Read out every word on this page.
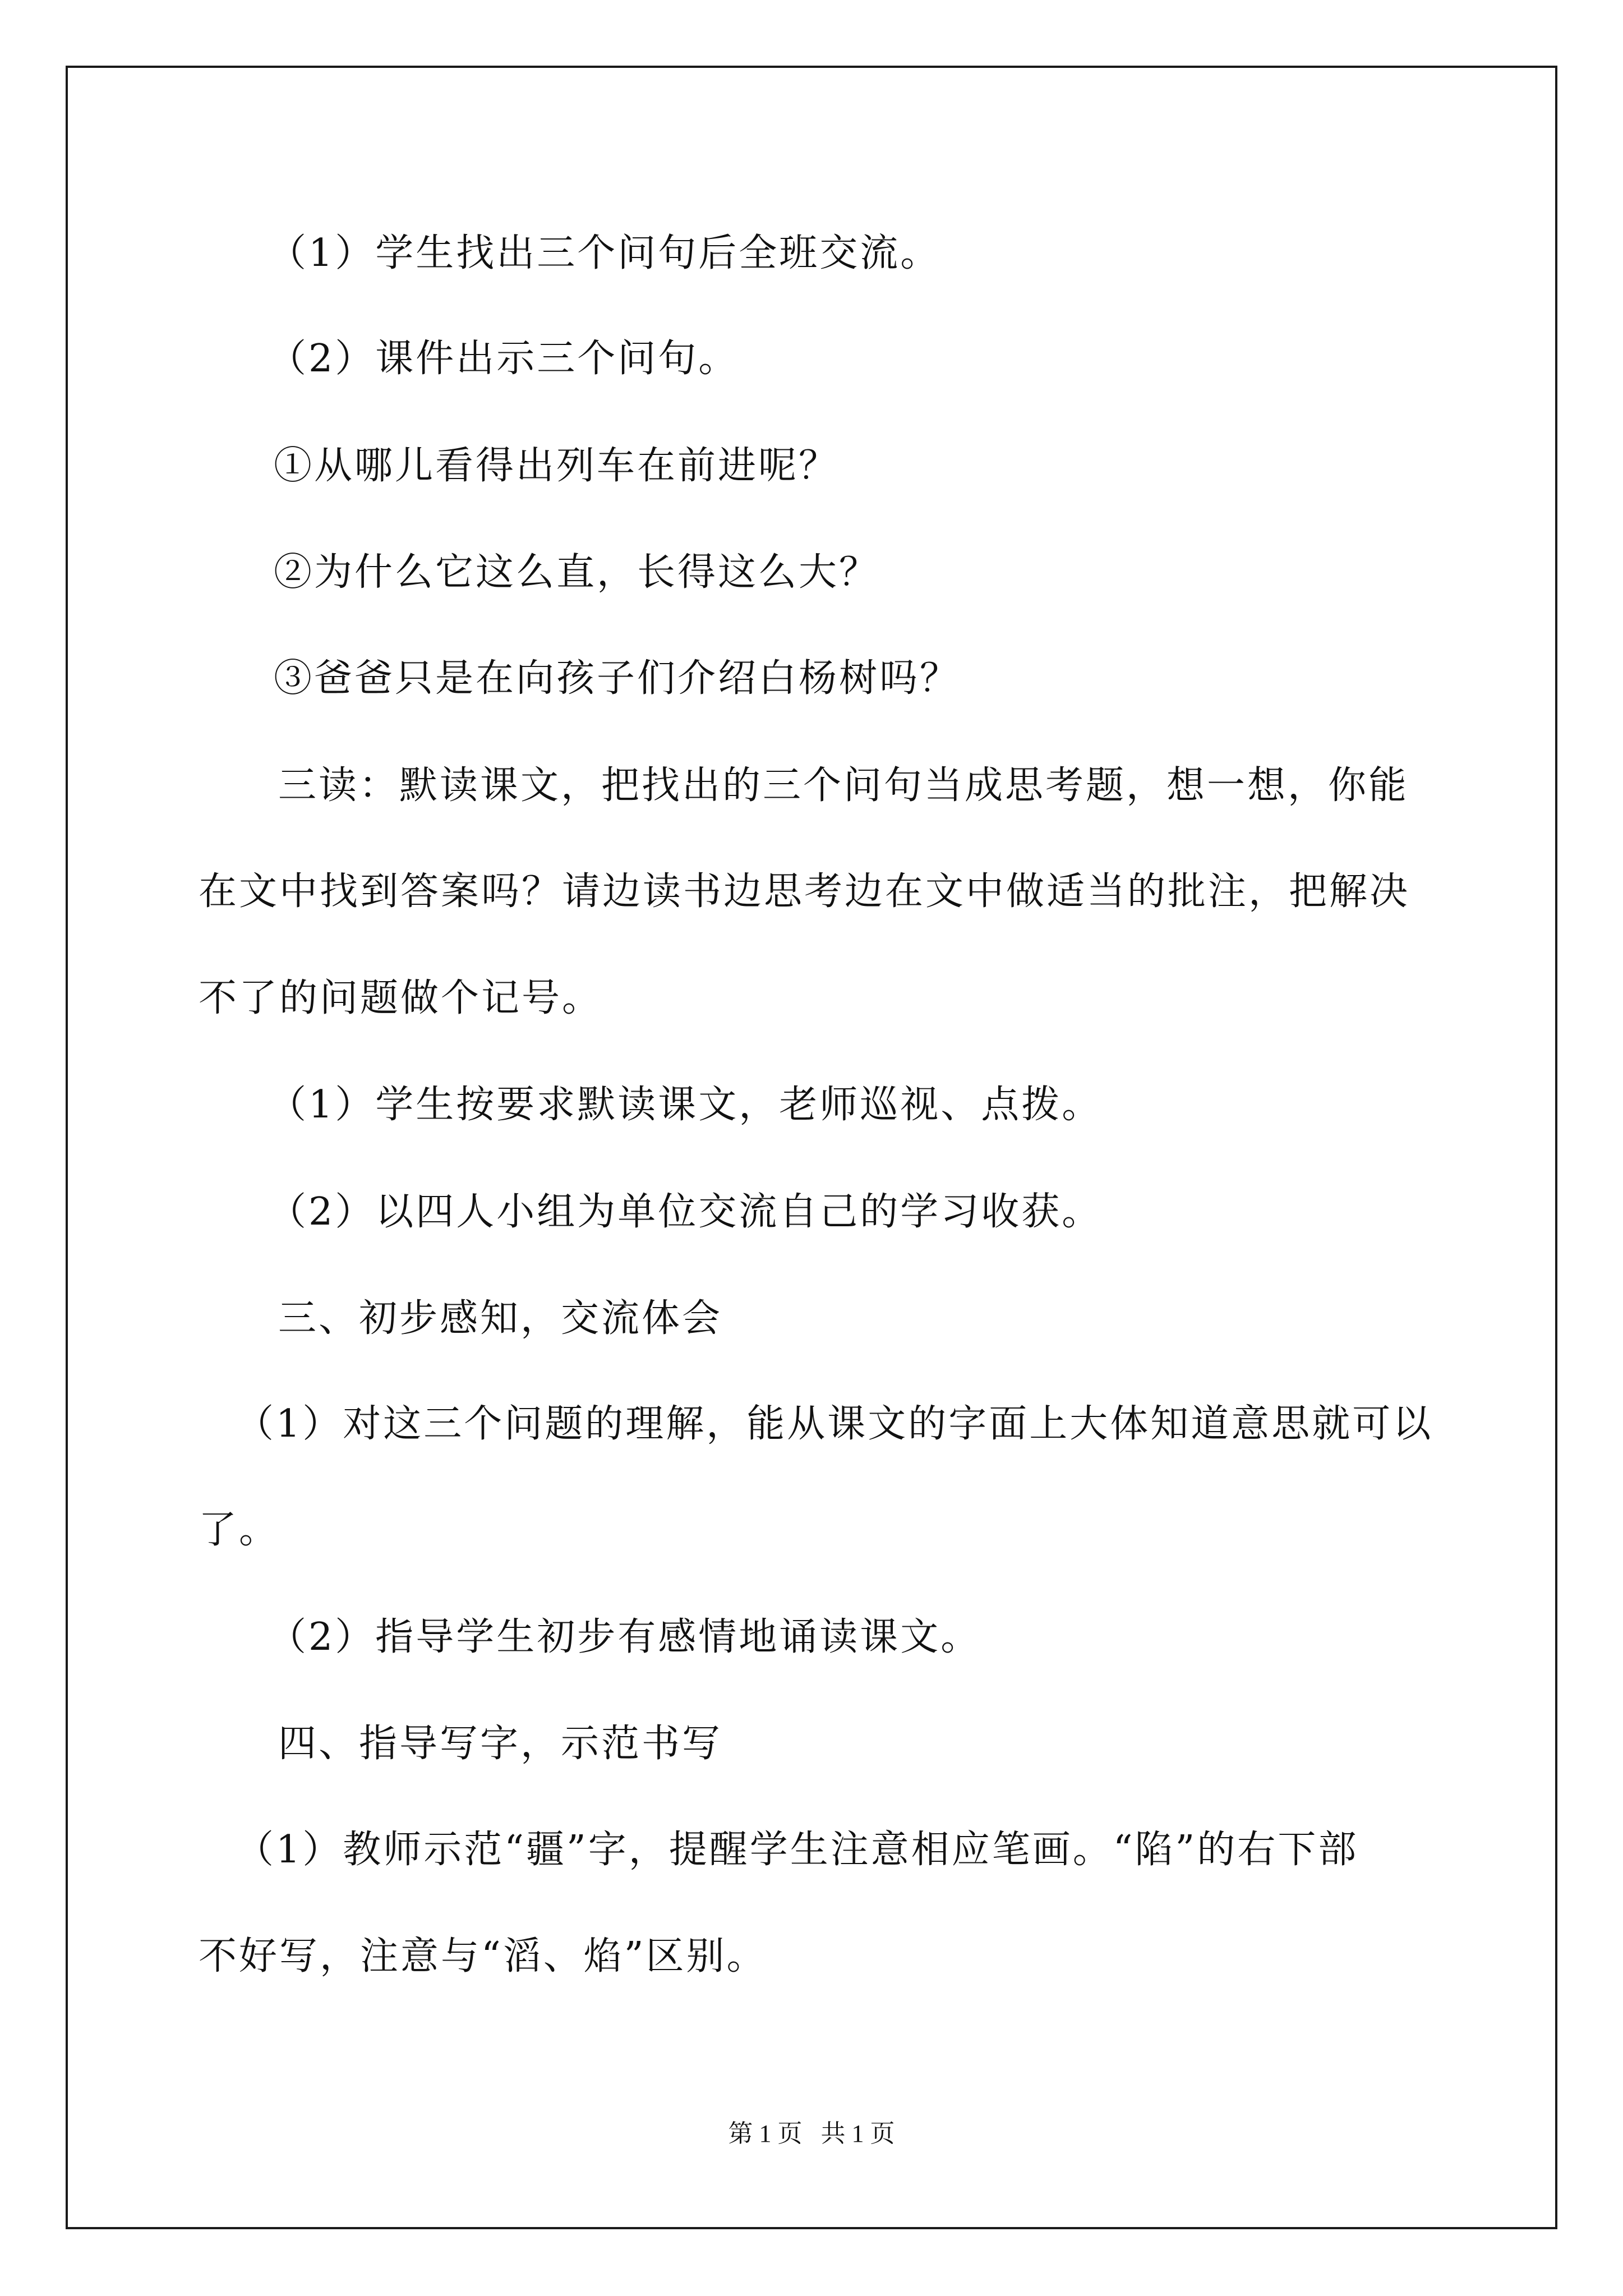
（1）学生找出三个问句后全班交流。
（2）课件出示三个问句。
①从哪儿看得出列车在前进呢？
②为什么它这么直，长得这么大？
③爸爸只是在向孩子们介绍白杨树吗？
三读：默读课文，把找出的三个问句当成思考题，想一想，你能
在文中找到答案吗？请边读书边思考边在文中做适当的批注，把解决
不了的问题做个记号。
（1）学生按要求默读课文，老师巡视、点拨。
（2）以四人小组为单位交流自己的学习收获。
三、初步感知，交流体会
（1）对这三个问题的理解，能从课文的字面上大体知道意思就可以
了。
（2）指导学生初步有感情地诵读课文。
四、指导写字，示范书写
（1）教师示范“疆”字，提醒学生注意相应笔画。“陷”的右下部
不好写，注意与“滔、焰”区别。
第 1 页   共 1 页
